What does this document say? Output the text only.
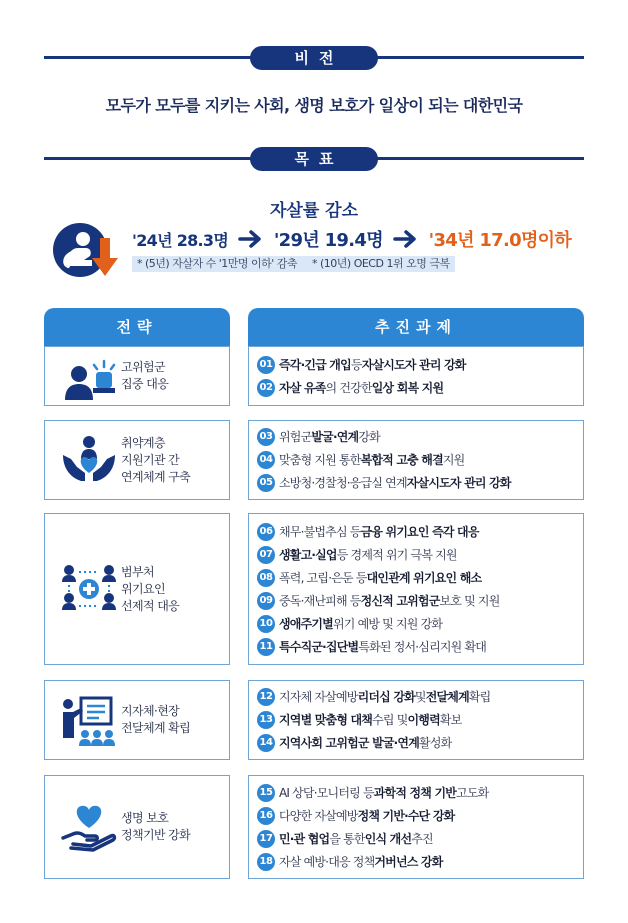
비전
모두가 모두를 지키는 사회, 생명 보호가 일상이 되는 대한민국
목표
자살률 감소
'24년 28.3명	'29년 19.4명	'34년 17.0명이하
* (5년) 자살자 수 '1만명 이하' 감축 * (10년) OECD 1위 오명 극복
전략	추진과제
고위험군
집중 대응
01 즉각·긴급 개입 등 자살시도자 관리 강화
02 자살 유족 의 건강한 일상 회복 지원
취약계층
지원기관 간
연계체계 구축
03 위험군 발굴·연계 강화
04 맞춤형 지원 통한 복합적 고충 해결 지원
05 소방청·경찰청·응급실 연계 자살시도자 관리 강화
범부처
위기요인
선제적 대응
06 채무·불법추심 등 금융 위기요인 즉각 대응
07 생활고·실업 등 경제적 위기 극복 지원
08 폭력, 고립·은둔 등 대인관계 위기요인 해소
09 중독·재난피해 등 정신적 고위험군 보호 및 지원
10 생애주기별 위기 예방 및 지원 강화
11 특수직군·집단별 특화된 정서·심리지원 확대
지자체·현장
전달체계 확립
12 지자체 자살예방 리더십 강화 및 전달체계 확립
13 지역별 맞춤형 대책 수립 및 이행력 확보
14 지역사회 고위험군 발굴·연계 활성화
생명 보호
정책기반 강화
15 AI 상담·모니터링 등 과학적 정책 기반 고도화
16 다양한 자살예방 정책 기반·수단 강화
17 민·관 협업 을 통한 인식 개선 추진
18 자살 예방·대응 정책 거버넌스 강화
